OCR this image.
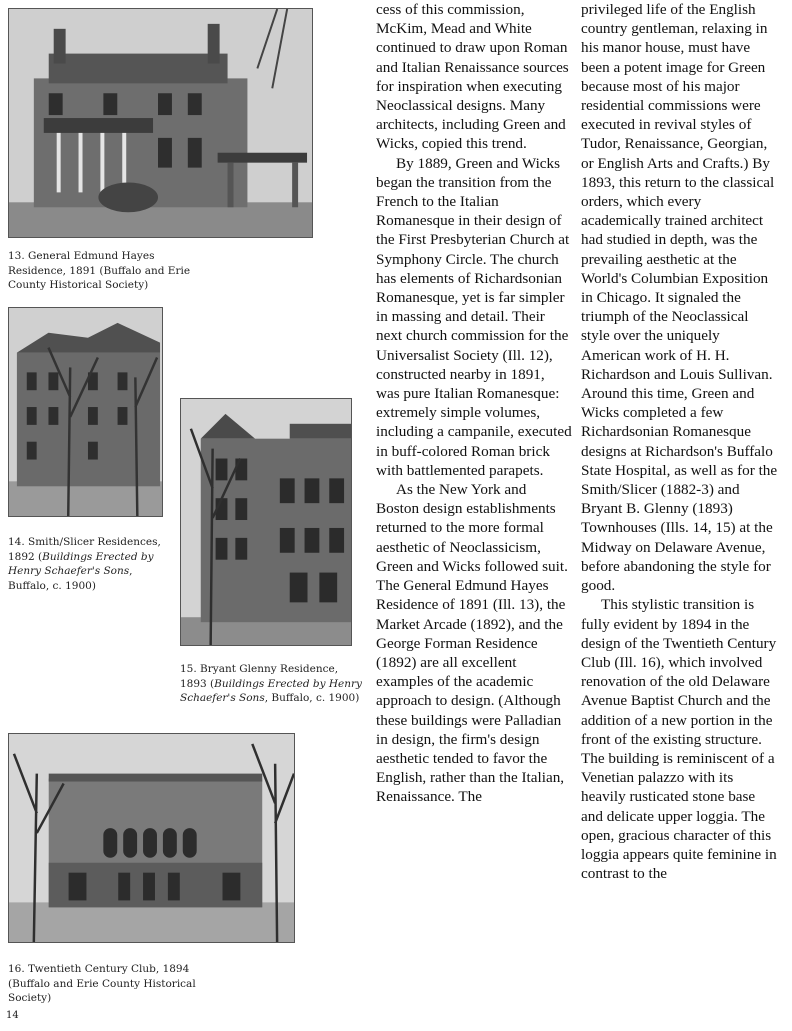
13. General Edmund Hayes Residence, 1891 (Buffalo and Erie County Historical Society)

14. Smith/Slicer Residences, 1892 (Buildings Erected by Henry Schaefer's Sons, Buffalo, c. 1900)

15. Bryant Glenny Residence, 1893 (Buildings Erected by Henry Schaefer's Sons, Buffalo, c. 1900)

16. Twentieth Century Club, 1894 (Buffalo and Erie County Historical Society)

14

cess of this commission, McKim, Mead and White continued to draw upon Roman and Italian Renaissance sources for inspiration when executing Neoclassical designs. Many architects, including Green and Wicks, copied this trend.

By 1889, Green and Wicks began the transition from the French to the Italian Romanesque in their design of the First Presbyterian Church at Symphony Circle. The church has elements of Richardsonian Romanesque, yet is far simpler in massing and detail. Their next church commission for the Universalist Society (Ill. 12), constructed nearby in 1891, was pure Italian Romanesque: extremely simple volumes, including a campanile, executed in buff-colored Roman brick with battlemented parapets.

As the New York and Boston design establishments returned to the more formal aesthetic of Neoclassicism, Green and Wicks followed suit. The General Edmund Hayes Residence of 1891 (Ill. 13), the Market Arcade (1892), and the George Forman Residence (1892) are all excellent examples of the academic approach to design. (Although these buildings were Palladian in design, the firm's design aesthetic tended to favor the English, rather than the Italian, Renaissance. The

privileged life of the English country gentleman, relaxing in his manor house, must have been a potent image for Green because most of his major residential commissions were executed in revival styles of Tudor, Renaissance, Georgian, or English Arts and Crafts.) By 1893, this return to the classical orders, which every academically trained architect had studied in depth, was the prevailing aesthetic at the World's Columbian Exposition in Chicago. It signaled the triumph of the Neoclassical style over the uniquely American work of H. H. Richardson and Louis Sullivan. Around this time, Green and Wicks completed a few Richardsonian Romanesque designs at Richardson's Buffalo State Hospital, as well as for the Smith/Slicer (1882-3) and Bryant B. Glenny (1893) Townhouses (Ills. 14, 15) at the Midway on Delaware Avenue, before abandoning the style for good.

This stylistic transition is fully evident by 1894 in the design of the Twentieth Century Club (Ill. 16), which involved renovation of the old Delaware Avenue Baptist Church and the addition of a new portion in the front of the existing structure. The building is reminiscent of a Venetian palazzo with its heavily rusticated stone base and delicate upper loggia. The open, gracious character of this loggia appears quite feminine in contrast to the
